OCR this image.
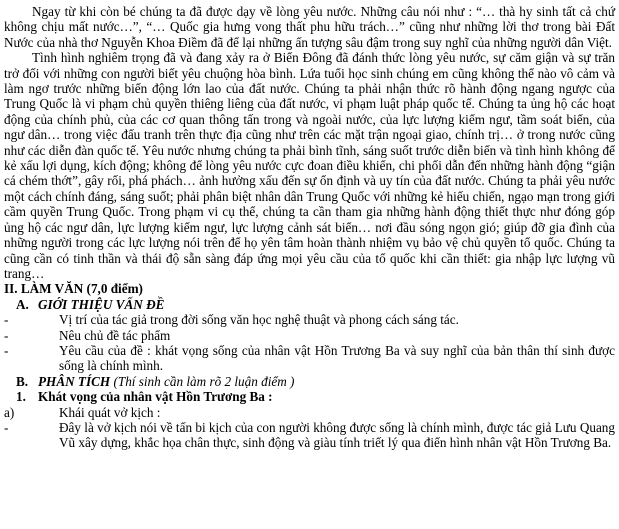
Ngay từ khi còn bé chúng ta đã được dạy về lòng yêu nước. Những câu nói như : “… thà hy sinh tất cả chứ không chịu mất nước…”, “… Quốc gia hưng vong thất phu hữu trách…” cũng như những lời thơ trong bài Đất Nước của nhà thơ Nguyễn Khoa Điềm đã để lại những ấn tượng sâu đậm trong suy nghĩ của những người dân Việt.

Tình hình nghiêm trọng đã và đang xảy ra ở Biển Đông đã đánh thức lòng yêu nước, sự căm giận và sự trăn trở đối với những con người biết yêu chuộng hòa bình. Lứa tuổi học sinh chúng em cũng không thể nào vô cảm và làm ngơ trước những biến động lớn lao của đất nước. Chúng ta phải nhận thức rõ hành động ngang ngược của Trung Quốc là vi phạm chủ quyền thiêng liêng của đất nước, vi phạm luật pháp quốc tế. Chúng ta ủng hộ các hoạt động của chính phủ, của các cơ quan thông tấn trong và ngoài nước, của lực lượng kiểm ngư, tầm soát biển, của ngư dân… trong việc đấu tranh trên thực địa cũng như trên các mặt trận ngoại giao, chính trị… ở trong nước cũng như các diễn đàn quốc tế. Yêu nước nhưng chúng ta phải bình tĩnh, sáng suốt trước diễn biến và tình hình không để kẻ xấu lợi dụng, kích động; không để lòng yêu nước cực đoan điều khiển, chi phối dẫn đến những hành động “giận cá chém thớt”, gây rối, phá phách… ảnh hưởng xấu đến sự ổn định và uy tín của đất nước. Chúng ta phải yêu nước một cách chính đáng, sáng suốt; phải phân biệt nhân dân Trung Quốc với những kẻ hiếu chiến, ngạo mạn trong giới cầm quyền Trung Quốc. Trong phạm vi cụ thể, chúng ta cần tham gia những hành động thiết thực như đóng góp ủng hộ các ngư dân, lực lượng kiểm ngư, lực lượng cảnh sát biển… nơi đầu sóng ngọn gió; giúp đỡ gia đình của những người trong các lực lượng nói trên để họ yên tâm hoàn thành nhiệm vụ bảo vệ chủ quyền tổ quốc. Chúng ta cũng cần có tinh thần và thái độ sẵn sàng đáp ứng mọi yêu cầu của tổ quốc khi cần thiết: gia nhập lực lượng vũ trang…

II. LÀM VĂN (7,0 điểm)

A. GIỚI THIỆU VẤN ĐỀ
-	Vị trí của tác giả trong đời sống văn học nghệ thuật và phong cách sáng tác.
-	Nêu chủ đề tác phẩm
-	Yêu cầu của đề : khát vọng sống của nhân vật Hồn Trương Ba và suy nghĩ của bản thân thí sinh được sống là chính mình.
B. PHÂN TÍCH (Thí sinh cần làm rõ 2 luận điểm )
1. Khát vọng của nhân vật Hồn Trương Ba :
a)	Khái quát vở kịch :
-	Đây là vở kịch nói về tấn bi kịch của con người không được sống là chính mình, được tác giả Lưu Quang Vũ xây dựng, khắc họa chân thực, sinh động và giàu tính triết lý qua điển hình nhân vật Hồn Trương Ba.
